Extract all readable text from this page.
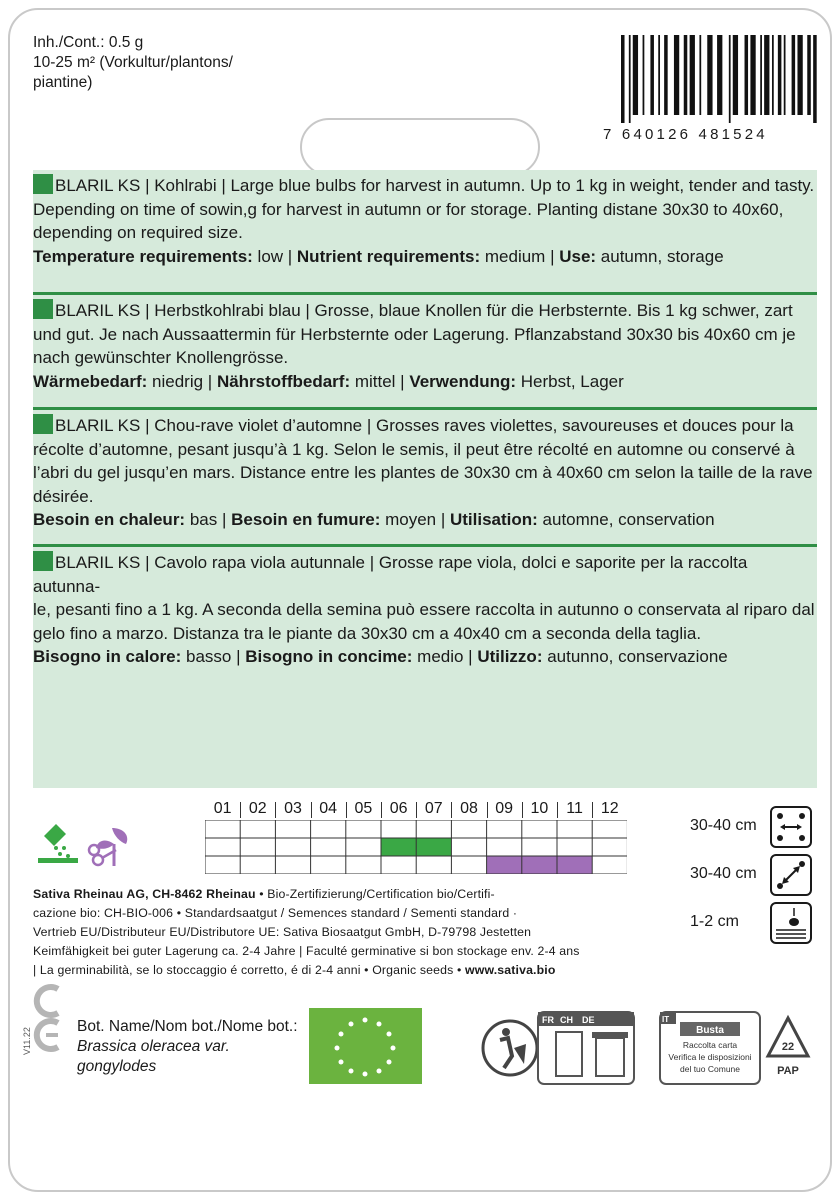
Inh./Cont.: 0.5 g
10-25 m² (Vorkultur/plantons/
piantine)
7 640126 481524
BLARIL KS | Kohlrabi | Large blue bulbs for harvest in autumn. Up to 1 kg in weight, tender and tasty.
Depending on time of sowin,g for harvest in autumn or for storage. Planting distane 30x30 to 40x60,
depending on required size.
Temperature requirements: low | Nutrient requirements: medium | Use: autumn, storage
BLARIL KS | Herbstkohlrabi blau | Grosse, blaue Knollen für die Herbsternte. Bis 1 kg schwer, zart
und gut. Je nach Aussaattermin für Herbsternte oder Lagerung. Pflanzabstand 30x30 bis 40x60 cm je
nach gewünschter Knollengrösse.
Wärmebedarf: niedrig | Nährstoffbedarf: mittel | Verwendung: Herbst, Lager
BLARIL KS | Chou-rave violet d’automne | Grosses raves violettes, savoureuses et douces pour la
récolte d’automne, pesant jusqu’à 1 kg. Selon le semis, il peut être récolté en automne ou conservé à
l’abri du gel jusqu’en mars. Distance entre les plantes de 30x30 cm à 40x60 cm selon la taille de la rave
désirée.
Besoin en chaleur: bas | Besoin en fumure: moyen | Utilisation: automne, conservation
BLARIL KS | Cavolo rapa viola autunnale | Grosse rape viola, dolci e saporite per la raccolta autunna-
le, pesanti fino a 1 kg. A seconda della semina può essere raccolta in autunno o conservata al riparo dal
gelo fino a marzo. Distanza tra le piante da 30x30 cm a 40x40 cm a seconda della taglia.
Bisogno in calore: basso | Bisogno in concime: medio | Utilizzo: autunno, conservazione
01	02	03	04	05	06	07	08	09	10	11	12
30-40 cm
30-40 cm
1-2 cm
Sativa Rheinau AG, CH-8462 Rheinau • Bio-Zertifizierung/Certification bio/Certifi-
cazione bio: CH-BIO-006 • Standardsaatgut / Semences standard / Sementi standard ·
Vertrieb EU/Distributeur EU/Distributore UE: Sativa Biosaatgut GmbH, D-79798 Jestetten
Keimfähigkeit bei guter Lagerung ca. 2-4 Jahre | Faculté germinative si bon stockage env. 2-4 ans
| La germinabilità, se lo stoccaggio é corretto, é di 2-4 anni • Organic seeds • www.sativa.bio
V11.22
Bot. Name/Nom bot./Nome bot.:
Brassica oleracea var.
gongylodes
FR CH DE	IT
Busta
Raccolta carta
Verifica le disposizioni
del tuo Comune
22
PAP
